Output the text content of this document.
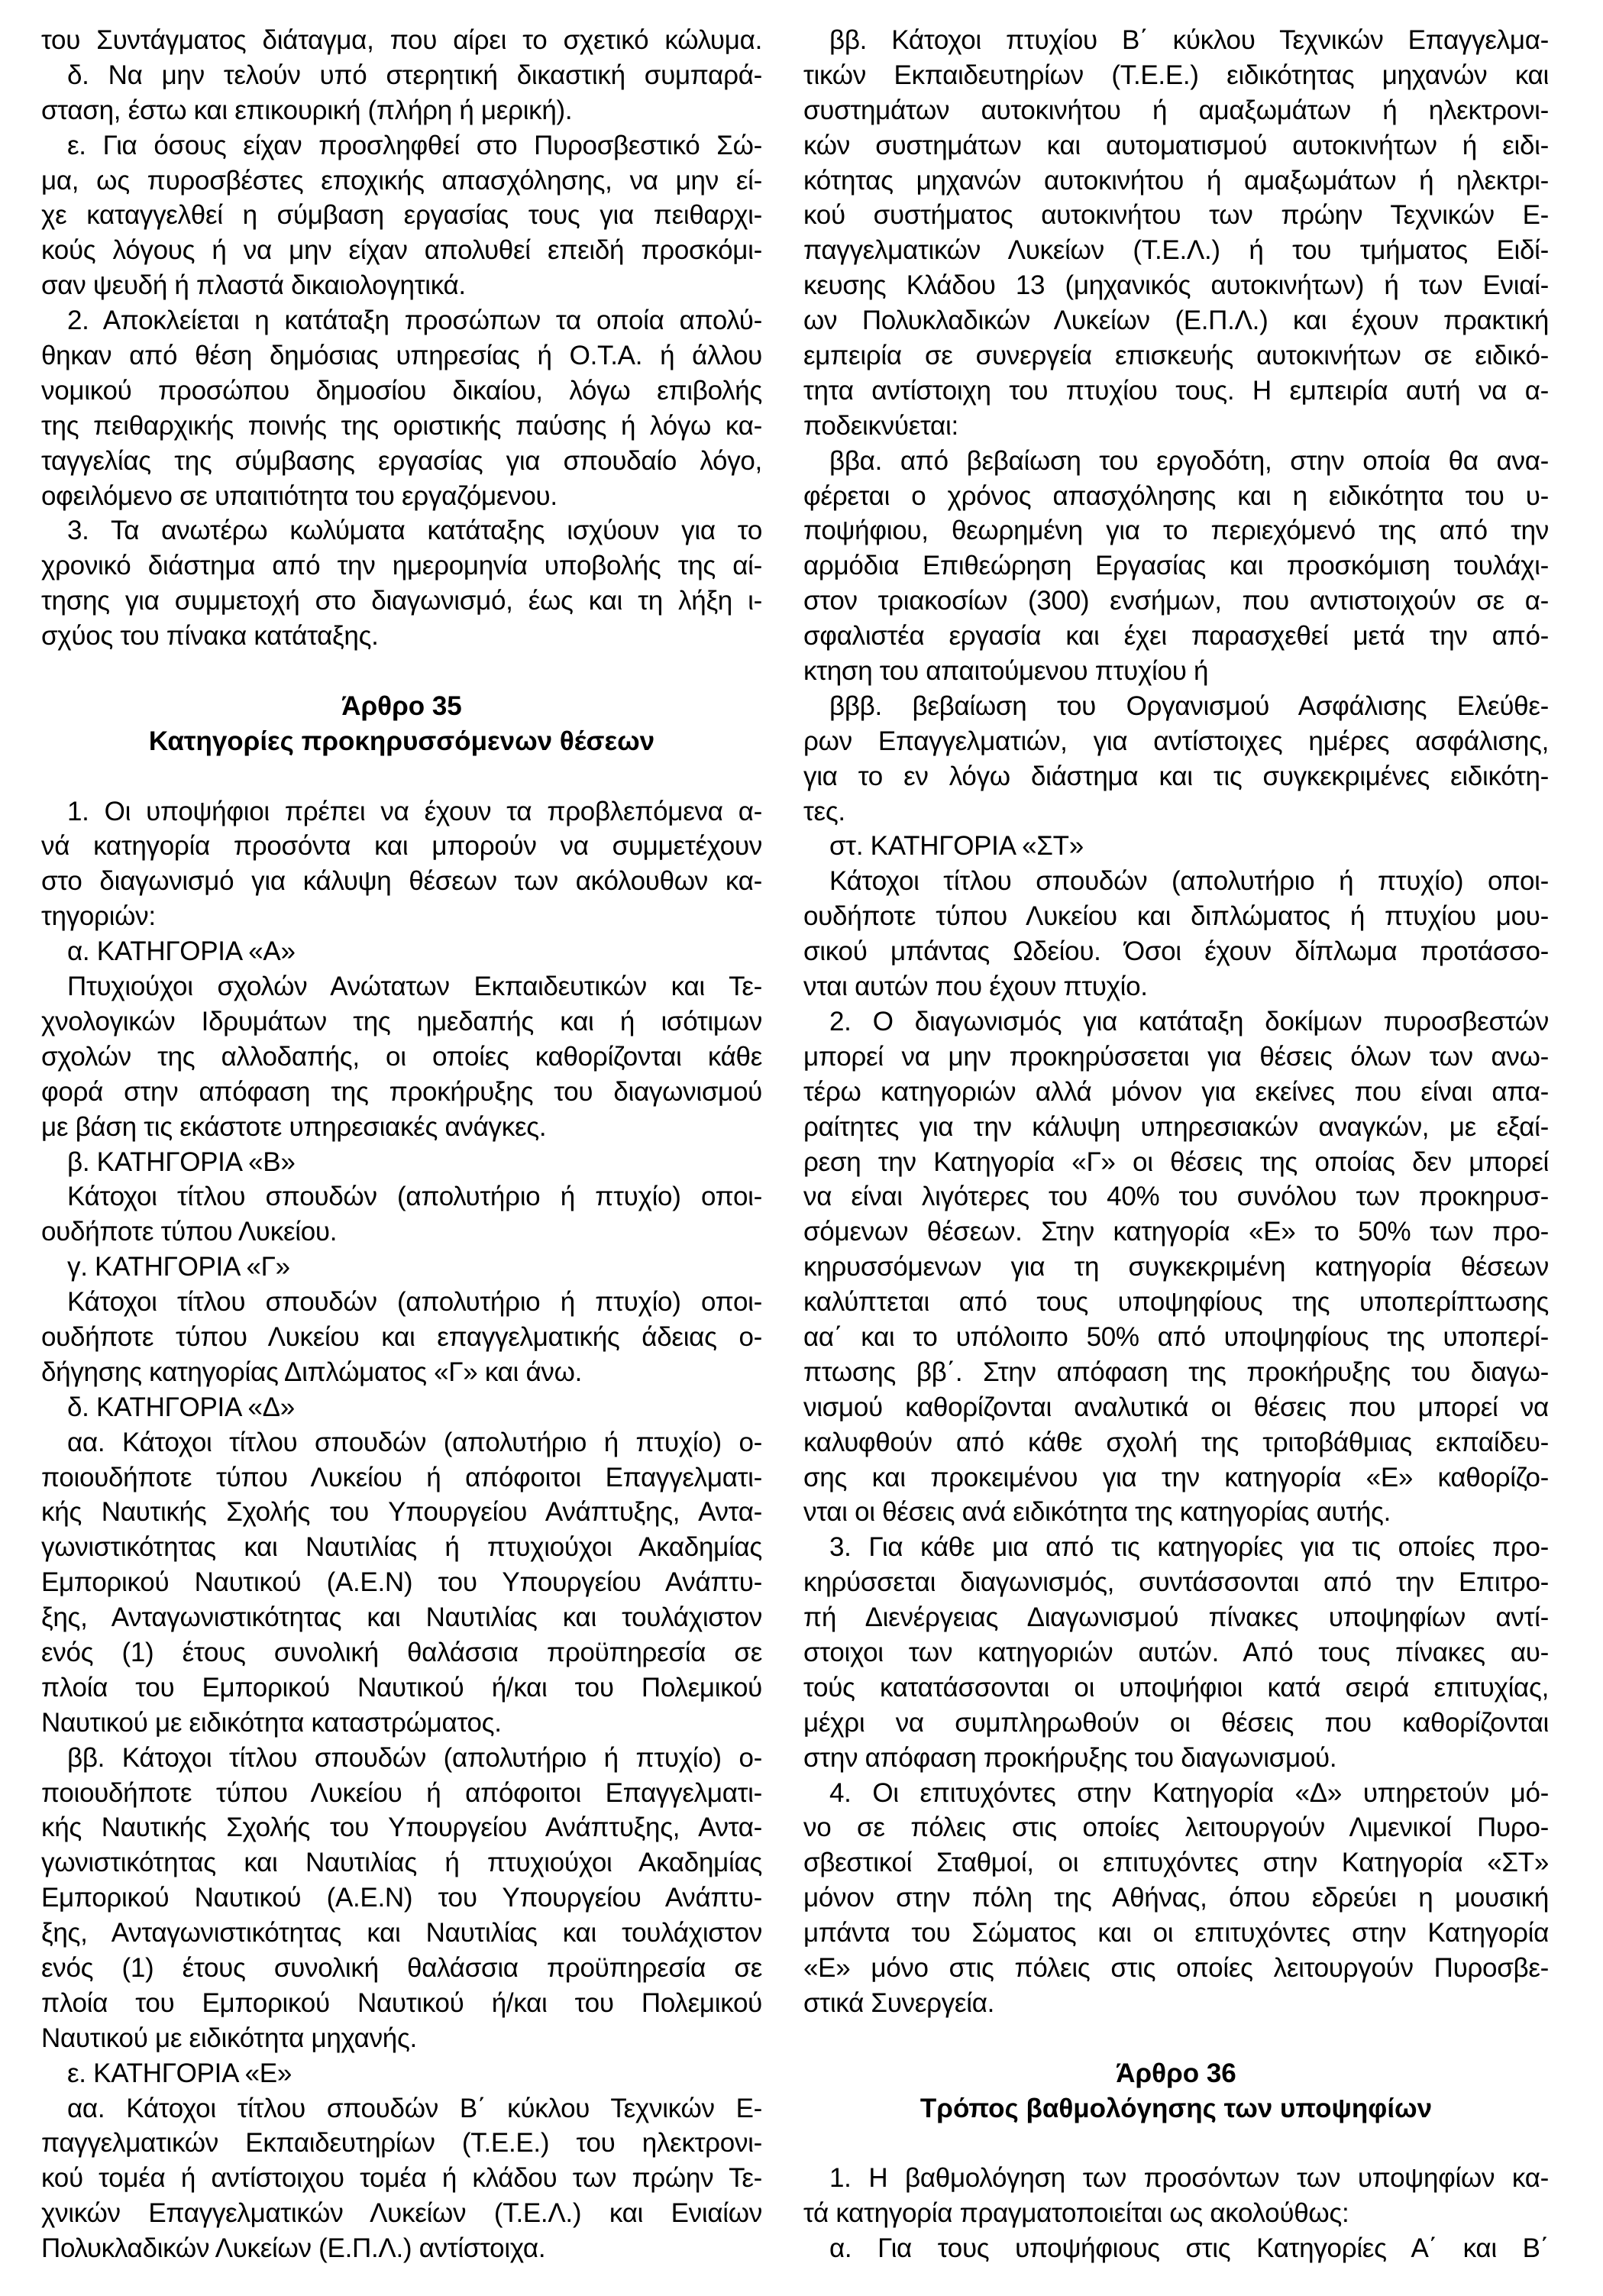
του Συντάγματος διάταγμα, που αίρει το σχετικό κώλυμα.
δ. Να μην τελούν υπό στερητική δικαστική συμπαρά-
σταση, έστω και επικουρική (πλήρη ή μερική).
ε. Για όσους είχαν προσληφθεί στο Πυροσβεστικό Σώ-
μα, ως πυροσβέστες εποχικής απασχόλησης, να μην εί-
χε καταγγελθεί η σύμβαση εργασίας τους για πειθαρχι-
κούς λόγους ή να μην είχαν απολυθεί επειδή προσκόμι-
σαν ψευδή ή πλαστά δικαιολογητικά.
2. Αποκλείεται η κατάταξη προσώπων τα οποία απολύ-
θηκαν από θέση δημόσιας υπηρεσίας ή Ο.Τ.Α. ή άλλου
νομικού προσώπου δημοσίου δικαίου, λόγω επιβολής
της πειθαρχικής ποινής της οριστικής παύσης ή λόγω κα-
ταγγελίας της σύμβασης εργασίας για σπουδαίο λόγο,
οφειλόμενο σε υπαιτιότητα του εργαζόμενου.
3. Τα ανωτέρω κωλύματα κατάταξης ισχύουν για το
χρονικό διάστημα από την ημερομηνία υποβολής της αί-
τησης για συμμετοχή στο διαγωνισμό, έως και τη λήξη ι-
σχύος του πίνακα κατάταξης.
Άρθρο 35
Κατηγορίες προκηρυσσόμενων θέσεων
1. Οι υποψήφιοι πρέπει να έχουν τα προβλεπόμενα α-
νά κατηγορία προσόντα και μπορούν να συμμετέχουν
στο διαγωνισμό για κάλυψη θέσεων των ακόλουθων κα-
τηγοριών:
α. ΚΑΤΗΓΟΡΙΑ «Α»
Πτυχιούχοι σχολών Ανώτατων Εκπαιδευτικών και Τε-
χνολογικών Ιδρυμάτων της ημεδαπής και ή ισότιμων
σχολών της αλλοδαπής, οι οποίες καθορίζονται κάθε
φορά στην απόφαση της προκήρυξης του διαγωνισμού
με βάση τις εκάστοτε υπηρεσιακές ανάγκες.
β. ΚΑΤΗΓΟΡΙΑ «Β»
Κάτοχοι τίτλου σπουδών (απολυτήριο ή πτυχίο) οποι-
ουδήποτε τύπου Λυκείου.
γ. ΚΑΤΗΓΟΡΙΑ «Γ»
Κάτοχοι τίτλου σπουδών (απολυτήριο ή πτυχίο) οποι-
ουδήποτε τύπου Λυκείου και επαγγελματικής άδειας ο-
δήγησης κατηγορίας Διπλώματος «Γ» και άνω.
δ. ΚΑΤΗΓΟΡΙΑ «Δ»
αα. Κάτοχοι τίτλου σπουδών (απολυτήριο ή πτυχίο) ο-
ποιουδήποτε τύπου Λυκείου ή απόφοιτοι Επαγγελματι-
κής Ναυτικής Σχολής του Υπουργείου Ανάπτυξης, Αντα-
γωνιστικότητας και Ναυτιλίας ή πτυχιούχοι Ακαδημίας
Εμπορικού Ναυτικού (Α.Ε.Ν) του Υπουργείου Ανάπτυ-
ξης, Ανταγωνιστικότητας και Ναυτιλίας και τουλάχιστον
ενός (1) έτους συνολική θαλάσσια προϋπηρεσία σε
πλοία του Εμπορικού Ναυτικού ή/και του Πολεμικού
Ναυτικού με ειδικότητα καταστρώματος.
ββ. Κάτοχοι τίτλου σπουδών (απολυτήριο ή πτυχίο) ο-
ποιουδήποτε τύπου Λυκείου ή απόφοιτοι Επαγγελματι-
κής Ναυτικής Σχολής του Υπουργείου Ανάπτυξης, Αντα-
γωνιστικότητας και Ναυτιλίας ή πτυχιούχοι Ακαδημίας
Εμπορικού Ναυτικού (Α.Ε.Ν) του Υπουργείου Ανάπτυ-
ξης, Ανταγωνιστικότητας και Ναυτιλίας και τουλάχιστον
ενός (1) έτους συνολική θαλάσσια προϋπηρεσία σε
πλοία του Εμπορικού Ναυτικού ή/και του Πολεμικού
Ναυτικού με ειδικότητα μηχανής.
ε. ΚΑΤΗΓΟΡΙΑ «Ε»
αα. Κάτοχοι τίτλου σπουδών Β΄ κύκλου Τεχνικών Ε-
παγγελματικών Εκπαιδευτηρίων (Τ.Ε.Ε.) του ηλεκτρονι-
κού τομέα ή αντίστοιχου τομέα ή κλάδου των πρώην Τε-
χνικών Επαγγελματικών Λυκείων (Τ.Ε.Λ.) και Ενιαίων
Πολυκλαδικών Λυκείων (Ε.Π.Λ.) αντίστοιχα.
ββ. Κάτοχοι πτυχίου Β΄ κύκλου Τεχνικών Επαγγελμα-
τικών Εκπαιδευτηρίων (Τ.Ε.Ε.) ειδικότητας μηχανών και
συστημάτων αυτοκινήτου ή αμαξωμάτων ή ηλεκτρονι-
κών συστημάτων και αυτοματισμού αυτοκινήτων ή ειδι-
κότητας μηχανών αυτοκινήτου ή αμαξωμάτων ή ηλεκτρι-
κού συστήματος αυτοκινήτου των πρώην Τεχνικών Ε-
παγγελματικών Λυκείων (Τ.Ε.Λ.) ή του τμήματος Ειδί-
κευσης Κλάδου 13 (μηχανικός αυτοκινήτων) ή των Ενιαί-
ων Πολυκλαδικών Λυκείων (Ε.Π.Λ.) και έχουν πρακτική
εμπειρία σε συνεργεία επισκευής αυτοκινήτων σε ειδικό-
τητα αντίστοιχη του πτυχίου τους. Η εμπειρία αυτή να α-
ποδεικνύεται:
ββα. από βεβαίωση του εργοδότη, στην οποία θα ανα-
φέρεται ο χρόνος απασχόλησης και η ειδικότητα του υ-
ποψήφιου, θεωρημένη για το περιεχόμενό της από την
αρμόδια Επιθεώρηση Εργασίας και προσκόμιση τουλάχι-
στον τριακοσίων (300) ενσήμων, που αντιστοιχούν σε α-
σφαλιστέα εργασία και έχει παρασχεθεί μετά την από-
κτηση του απαιτούμενου πτυχίου ή
βββ. βεβαίωση του Οργανισμού Ασφάλισης Ελεύθε-
ρων Επαγγελματιών, για αντίστοιχες ημέρες ασφάλισης,
για το εν λόγω διάστημα και τις συγκεκριμένες ειδικότη-
τες.
στ. ΚΑΤΗΓΟΡΙΑ «ΣΤ»
Κάτοχοι τίτλου σπουδών (απολυτήριο ή πτυχίο) οποι-
ουδήποτε τύπου Λυκείου και διπλώματος ή πτυχίου μου-
σικού μπάντας Ωδείου. Όσοι έχουν δίπλωμα προτάσσο-
νται αυτών που έχουν πτυχίο.
2. Ο διαγωνισμός για κατάταξη δοκίμων πυροσβεστών
μπορεί να μην προκηρύσσεται για θέσεις όλων των ανω-
τέρω κατηγοριών αλλά μόνον για εκείνες που είναι απα-
ραίτητες για την κάλυψη υπηρεσιακών αναγκών, με εξαί-
ρεση την Κατηγορία «Γ» οι θέσεις της οποίας δεν μπορεί
να είναι λιγότερες του 40% του συνόλου των προκηρυσ-
σόμενων θέσεων. Στην κατηγορία «Ε» το 50% των προ-
κηρυσσόμενων για τη συγκεκριμένη κατηγορία θέσεων
καλύπτεται από τους υποψηφίους της υποπερίπτωσης
αα΄ και το υπόλοιπο 50% από υποψηφίους της υποπερί-
πτωσης ββ΄. Στην απόφαση της προκήρυξης του διαγω-
νισμού καθορίζονται αναλυτικά οι θέσεις που μπορεί να
καλυφθούν από κάθε σχολή της τριτοβάθμιας εκπαίδευ-
σης και προκειμένου για την κατηγορία «Ε» καθορίζο-
νται οι θέσεις ανά ειδικότητα της κατηγορίας αυτής.
3. Για κάθε μια από τις κατηγορίες για τις οποίες προ-
κηρύσσεται διαγωνισμός, συντάσσονται από την Επιτρο-
πή Διενέργειας Διαγωνισμού πίνακες υποψηφίων αντί-
στοιχοι των κατηγοριών αυτών. Από τους πίνακες αυ-
τούς κατατάσσονται οι υποψήφιοι κατά σειρά επιτυχίας,
μέχρι να συμπληρωθούν οι θέσεις που καθορίζονται
στην απόφαση προκήρυξης του διαγωνισμού.
4. Οι επιτυχόντες στην Κατηγορία «Δ» υπηρετούν μό-
νο σε πόλεις στις οποίες λειτουργούν Λιμενικοί Πυρο-
σβεστικοί Σταθμοί, οι επιτυχόντες στην Κατηγορία «ΣΤ»
μόνον στην πόλη της Αθήνας, όπου εδρεύει η μουσική
μπάντα του Σώματος και οι επιτυχόντες στην Κατηγορία
«Ε» μόνο στις πόλεις στις οποίες λειτουργούν Πυροσβε-
στικά Συνεργεία.
Άρθρο 36
Τρόπος βαθμολόγησης των υποψηφίων
1. Η βαθμολόγηση των προσόντων των υποψηφίων κα-
τά κατηγορία πραγματοποιείται ως ακολούθως:
α. Για τους υποψήφιους στις Κατηγορίες Α΄ και Β΄
